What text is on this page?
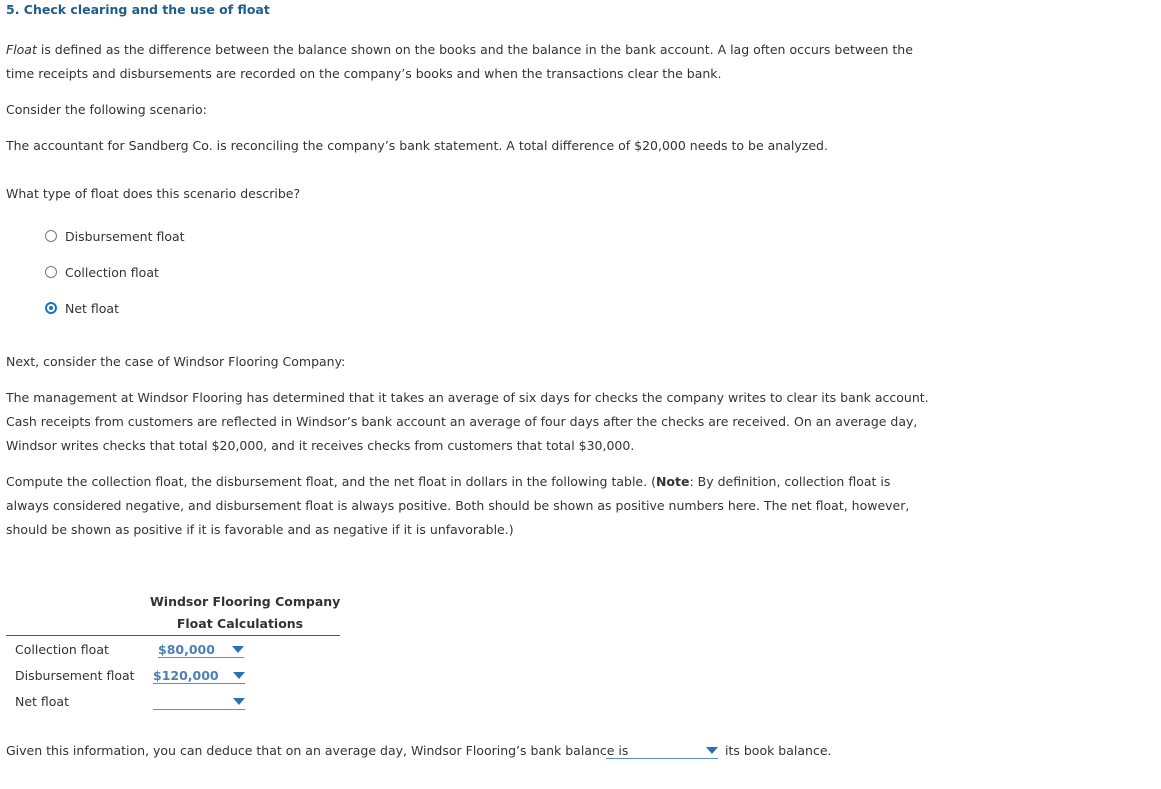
5. Check clearing and the use of float
Float is defined as the difference between the balance shown on the books and the balance in the bank account. A lag often occurs between the time receipts and disbursements are recorded on the company’s books and when the transactions clear the bank.
Consider the following scenario:
The accountant for Sandberg Co. is reconciling the company’s bank statement. A total difference of $20,000 needs to be analyzed.
What type of float does this scenario describe?
Disbursement float
Collection float
Net float
Next, consider the case of Windsor Flooring Company:
The management at Windsor Flooring has determined that it takes an average of six days for checks the company writes to clear its bank account. Cash receipts from customers are reflected in Windsor’s bank account an average of four days after the checks are received. On an average day, Windsor writes checks that total $20,000, and it receives checks from customers that total $30,000.
Compute the collection float, the disbursement float, and the net float in dollars in the following table. (Note: By definition, collection float is always considered negative, and disbursement float is always positive. Both should be shown as positive numbers here. The net float, however, should be shown as positive if it is favorable and as negative if it is unfavorable.)
Windsor Flooring Company
Float Calculations
Collection float	$80,000
Disbursement float $120,000
Net float
Given this information, you can deduce that on an average day, Windsor Flooring’s bank balance is	its book balance.
